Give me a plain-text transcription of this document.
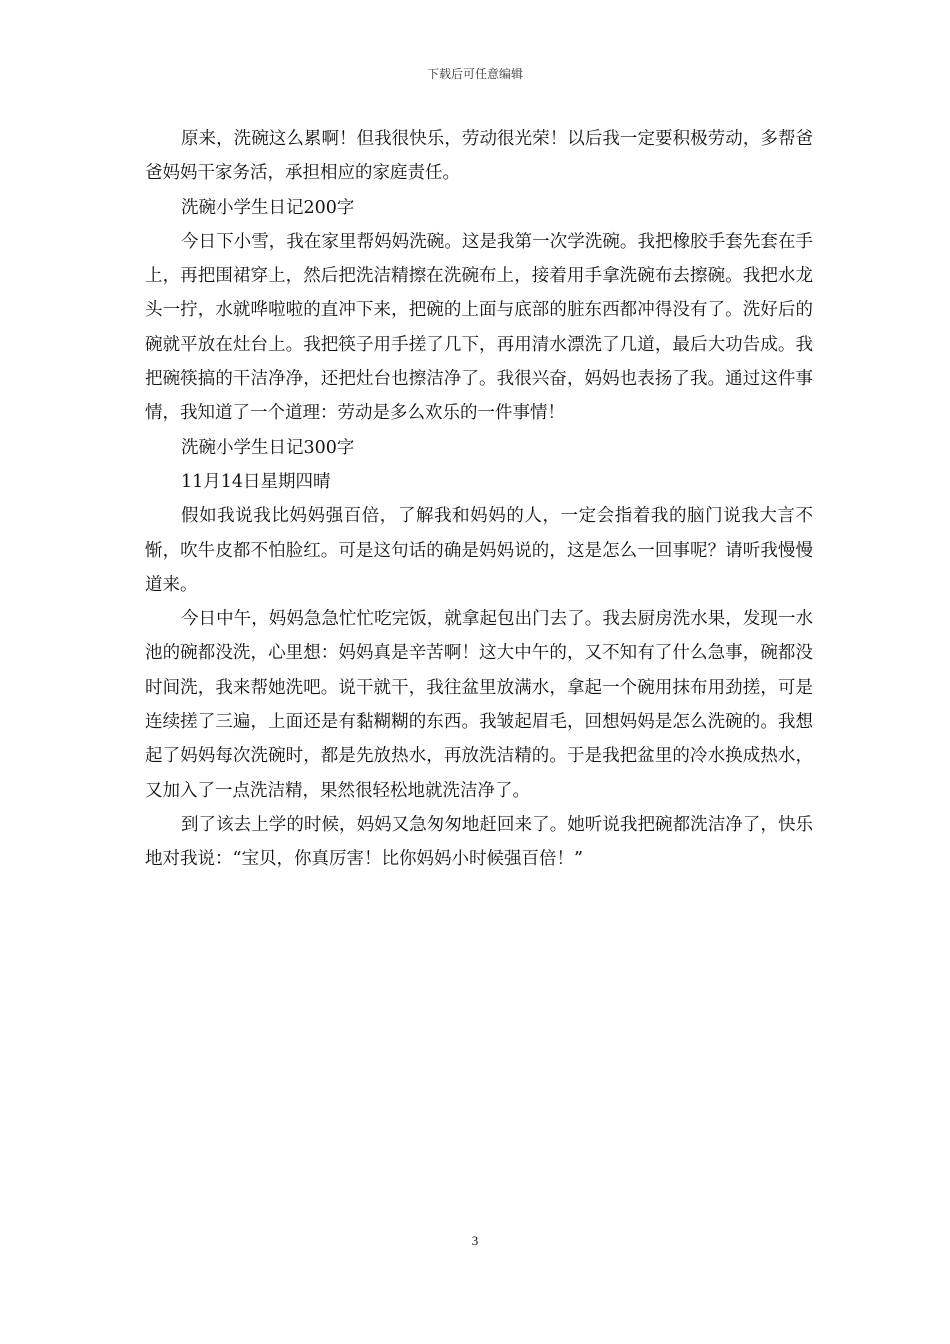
下载后可任意编辑

原来，洗碗这么累啊！但我很快乐，劳动很光荣！以后我一定要积极劳动，多帮爸爸妈妈干家务活，承担相应的家庭责任。

洗碗小学生日记200字

今日下小雪，我在家里帮妈妈洗碗。这是我第一次学洗碗。我把橡胶手套先套在手上，再把围裙穿上，然后把洗洁精擦在洗碗布上，接着用手拿洗碗布去擦碗。我把水龙头一拧，水就哗啦啦的直冲下来，把碗的上面与底部的脏东西都冲得没有了。洗好后的碗就平放在灶台上。我把筷子用手搓了几下，再用清水漂洗了几道，最后大功告成。我把碗筷搞的干洁净净，还把灶台也擦洁净了。我很兴奋，妈妈也表扬了我。通过这件事情，我知道了一个道理：劳动是多么欢乐的一件事情！

洗碗小学生日记300字

11月14日星期四晴

假如我说我比妈妈强百倍，了解我和妈妈的人，一定会指着我的脑门说我大言不惭，吹牛皮都不怕脸红。可是这句话的确是妈妈说的，这是怎么一回事呢？请听我慢慢道来。

今日中午，妈妈急急忙忙吃完饭，就拿起包出门去了。我去厨房洗水果，发现一水池的碗都没洗，心里想：妈妈真是辛苦啊！这大中午的，又不知有了什么急事，碗都没时间洗，我来帮她洗吧。说干就干，我往盆里放满水，拿起一个碗用抹布用劲搓，可是连续搓了三遍，上面还是有黏糊糊的东西。我皱起眉毛，回想妈妈是怎么洗碗的。我想起了妈妈每次洗碗时，都是先放热水，再放洗洁精的。于是我把盆里的冷水换成热水，又加入了一点洗洁精，果然很轻松地就洗洁净了。

到了该去上学的时候，妈妈又急匆匆地赶回来了。她听说我把碗都洗洁净了，快乐地对我说：“宝贝，你真厉害！比你妈妈小时候强百倍！”

3
